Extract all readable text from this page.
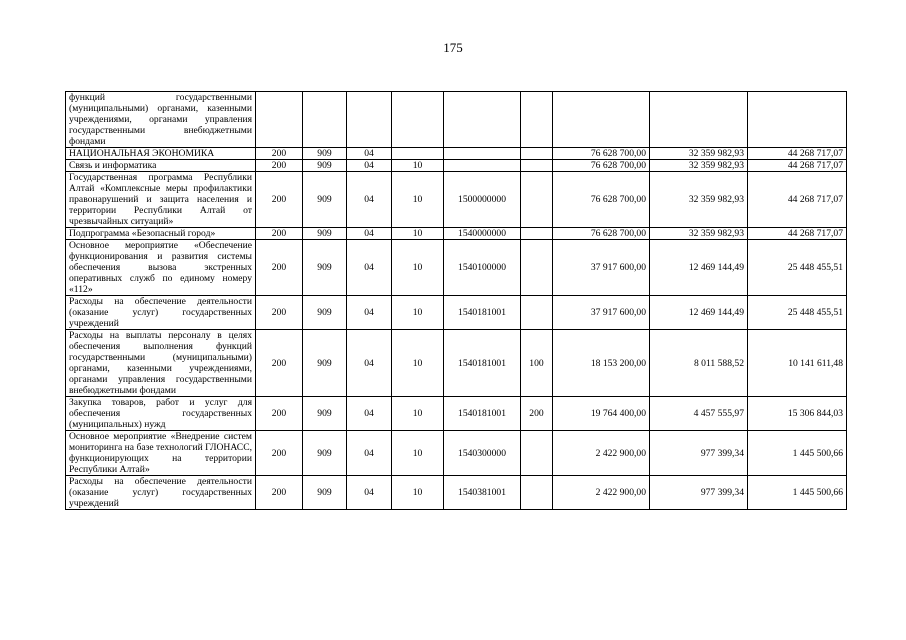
175
функций государственными (муниципальными) органами, казенными учреждениями, органами управления государственными внебюджетными фондами									
НАЦИОНАЛЬНАЯ ЭКОНОМИКА	200	909	04				76 628 700,00	32 359 982,93	44 268 717,07
Связь и информатика	200	909	04	10			76 628 700,00	32 359 982,93	44 268 717,07
Государственная программа Республики Алтай «Комплексные меры профилактики правонарушений и защита населения и территории Республики Алтай от чрезвычайных ситуаций»	200	909	04	10	1500000000		76 628 700,00	32 359 982,93	44 268 717,07
Подпрограмма «Безопасный город»	200	909	04	10	1540000000		76 628 700,00	32 359 982,93	44 268 717,07
Основное мероприятие «Обеспечение функционирования и развития системы обеспечения вызова экстренных оперативных служб по единому номеру «112»	200	909	04	10	1540100000		37 917 600,00	12 469 144,49	25 448 455,51
Расходы на обеспечение деятельности (оказание услуг) государственных учреждений	200	909	04	10	1540181001		37 917 600,00	12 469 144,49	25 448 455,51
Расходы на выплаты персоналу в целях обеспечения выполнения функций государственными (муниципальными) органами, казенными учреждениями, органами управления государственными внебюджетными фондами	200	909	04	10	1540181001	100	18 153 200,00	8 011 588,52	10 141 611,48
Закупка товаров, работ и услуг для обеспечения государственных (муниципальных) нужд	200	909	04	10	1540181001	200	19 764 400,00	4 457 555,97	15 306 844,03
Основное мероприятие «Внедрение систем мониторинга на базе технологий ГЛОНАСС, функционирующих на территории Республики Алтай»	200	909	04	10	1540300000		2 422 900,00	977 399,34	1 445 500,66
Расходы на обеспечение деятельности (оказание услуг) государственных учреждений	200	909	04	10	1540381001		2 422 900,00	977 399,34	1 445 500,66
